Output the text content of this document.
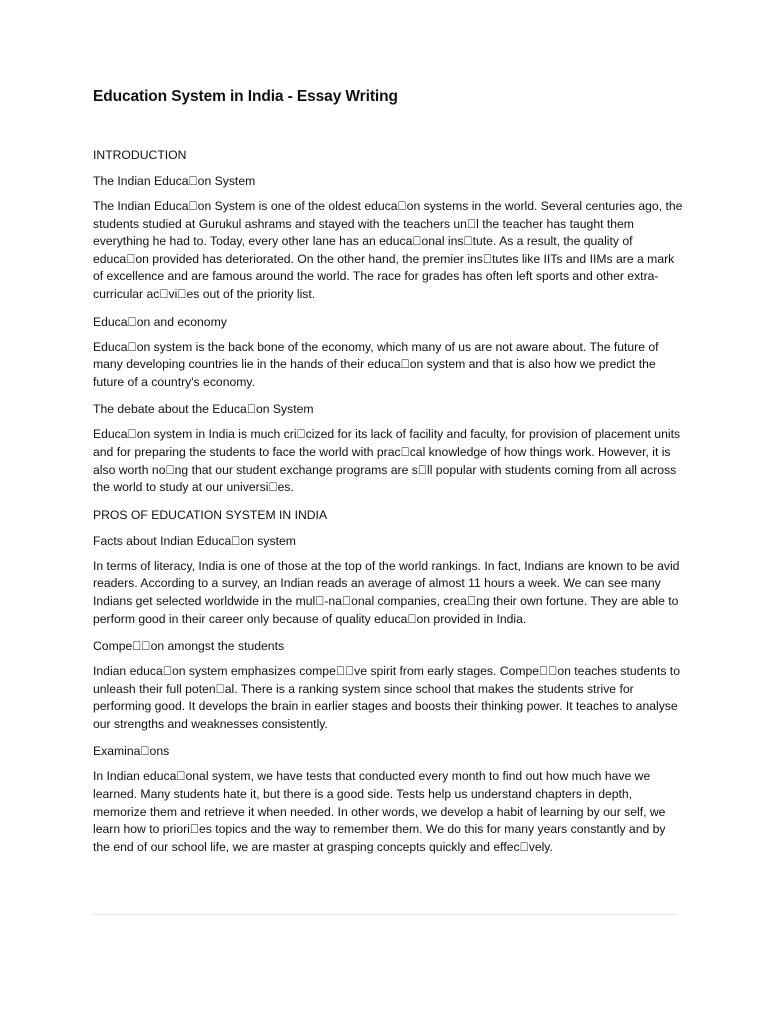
Education System in India - Essay Writing
INTRODUCTION
The Indian Educa on System

The Indian Educa on System is one of the oldest educa on systems in the world. Several centuries ago, the students studied at Gurukul ashrams and stayed with the teachers un l the teacher has taught them everything he had to. Today, every other lane has an educa onal ins tute. As a result, the quality of educa on provided has deteriorated. On the other hand, the premier ins tutes like IITs and IIMs are a mark of excellence and are famous around the world. The race for grades has often left sports and other extra-curricular ac vi es out of the priority list.

Educa on and economy

Educa on system is the back bone of the economy, which many of us are not aware about. The future of many developing countries lie in the hands of their educa on system and that is also how we predict the future of a country's economy.

The debate about the Educa on System

Educa on system in India is much cri cized for its lack of facility and faculty, for provision of placement units and for preparing the students to face the world with prac cal knowledge of how things work. However, it is also worth no ng that our student exchange programs are s ll popular with students coming from all across the world to study at our universi es.

PROS OF EDUCATION SYSTEM IN INDIA
Facts about Indian Educa on system

In terms of literacy, India is one of those at the top of the world rankings. In fact, Indians are known to be avid readers. According to a survey, an Indian reads an average of almost 11 hours a week. We can see many Indians get selected worldwide in the mul -na onal companies, crea ng their own fortune. They are able to perform good in their career only because of quality educa on provided in India.

Compe  on amongst the students

Indian educa on system emphasizes compe  ve spirit from early stages. Compe  on teaches students to unleash their full poten al. There is a ranking system since school that makes the students strive for performing good. It develops the brain in earlier stages and boosts their thinking power. It teaches to analyse our strengths and weaknesses consistently.

Examina ons

In Indian educa onal system, we have tests that conducted every month to find out how much have we learned. Many students hate it, but there is a good side. Tests help us understand chapters in depth, memorize them and retrieve it when needed. In other words, we develop a habit of learning by our self, we learn how to priori es topics and the way to remember them. We do this for many years constantly and by the end of our school life, we are master at grasping concepts quickly and effec vely.
